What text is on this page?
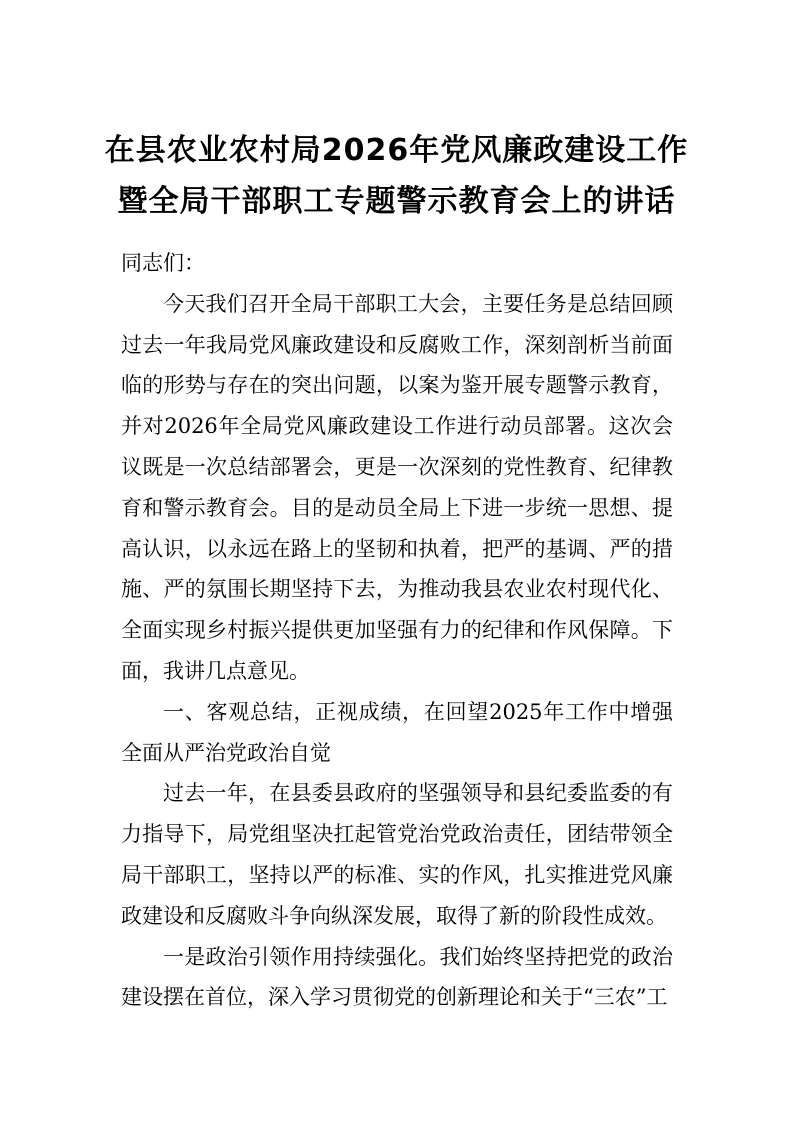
在县农业农村局2026年党风廉政建设工作
暨全局干部职工专题警示教育会上的讲话

同志们：

今天我们召开全局干部职工大会，主要任务是总结回顾过去一年我局党风廉政建设和反腐败工作，深刻剖析当前面临的形势与存在的突出问题，以案为鉴开展专题警示教育，并对2026年全局党风廉政建设工作进行动员部署。这次会议既是一次总结部署会，更是一次深刻的党性教育、纪律教育和警示教育会。目的是动员全局上下进一步统一思想、提高认识，以永远在路上的坚韧和执着，把严的基调、严的措施、严的氛围长期坚持下去，为推动我县农业农村现代化、全面实现乡村振兴提供更加坚强有力的纪律和作风保障。下面，我讲几点意见。

一、客观总结，正视成绩，在回望2025年工作中增强全面从严治党政治自觉

过去一年，在县委县政府的坚强领导和县纪委监委的有力指导下，局党组坚决扛起管党治党政治责任，团结带领全局干部职工，坚持以严的标准、实的作风，扎实推进党风廉政建设和反腐败斗争向纵深发展，取得了新的阶段性成效。

一是政治引领作用持续强化。我们始终坚持把党的政治建设摆在首位，深入学习贯彻党的创新理论和关于“三农”工
